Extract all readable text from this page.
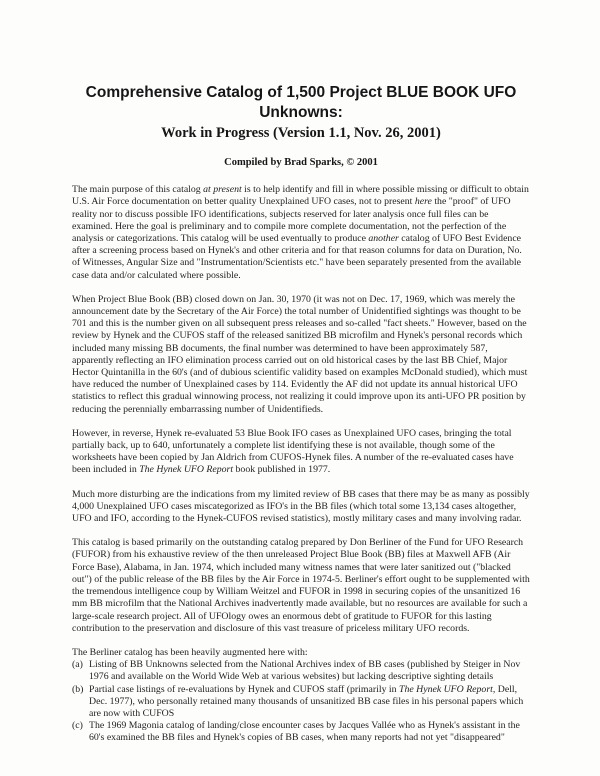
Comprehensive Catalog of 1,500 Project BLUE BOOK UFO Unknowns:
Work in Progress (Version 1.1, Nov. 26, 2001)
Compiled by Brad Sparks, © 2001

The main purpose of this catalog at present is to help identify and fill in where possible missing or difficult to obtain U.S. Air Force documentation on better quality Unexplained UFO cases, not to present here the "proof" of UFO reality nor to discuss possible IFO identifications, subjects reserved for later analysis once full files can be examined. Here the goal is preliminary and to compile more complete documentation, not the perfection of the analysis or categorizations. This catalog will be used eventually to produce another catalog of UFO Best Evidence after a screening process based on Hynek's and other criteria and for that reason columns for data on Duration, No. of Witnesses, Angular Size and "Instrumentation/Scientists etc." have been separately presented from the available case data and/or calculated where possible.

When Project Blue Book (BB) closed down on Jan. 30, 1970 (it was not on Dec. 17, 1969, which was merely the announcement date by the Secretary of the Air Force) the total number of Unidentified sightings was thought to be 701 and this is the number given on all subsequent press releases and so-called "fact sheets." However, based on the review by Hynek and the CUFOS staff of the released sanitized BB microfilm and Hynek's personal records which included many missing BB documents, the final number was determined to have been approximately 587, apparently reflecting an IFO elimination process carried out on old historical cases by the last BB Chief, Major Hector Quintanilla in the 60's (and of dubious scientific validity based on examples McDonald studied), which must have reduced the number of Unexplained cases by 114. Evidently the AF did not update its annual historical UFO statistics to reflect this gradual winnowing process, not realizing it could improve upon its anti-UFO PR position by reducing the perennially embarrassing number of Unidentifieds.

However, in reverse, Hynek re-evaluated 53 Blue Book IFO cases as Unexplained UFO cases, bringing the total partially back, up to 640, unfortunately a complete list identifying these is not available, though some of the worksheets have been copied by Jan Aldrich from CUFOS-Hynek files. A number of the re-evaluated cases have been included in The Hynek UFO Report book published in 1977.

Much more disturbing are the indications from my limited review of BB cases that there may be as many as possibly 4,000 Unexplained UFO cases miscategorized as IFO's in the BB files (which total some 13,134 cases altogether, UFO and IFO, according to the Hynek-CUFOS revised statistics), mostly military cases and many involving radar.

This catalog is based primarily on the outstanding catalog prepared by Don Berliner of the Fund for UFO Research (FUFOR) from his exhaustive review of the then unreleased Project Blue Book (BB) files at Maxwell AFB (Air Force Base), Alabama, in Jan. 1974, which included many witness names that were later sanitized out ("blacked out") of the public release of the BB files by the Air Force in 1974-5. Berliner's effort ought to be supplemented with the tremendous intelligence coup by William Weitzel and FUFOR in 1998 in securing copies of the unsanitized 16 mm BB microfilm that the National Archives inadvertently made available, but no resources are available for such a large-scale research project. All of UFOlogy owes an enormous debt of gratitude to FUFOR for this lasting contribution to the preservation and disclosure of this vast treasure of priceless military UFO records.

The Berliner catalog has been heavily augmented here with:
(a) Listing of BB Unknowns selected from the National Archives index of BB cases (published by Steiger in Nov 1976 and available on the World Wide Web at various websites) but lacking descriptive sighting details
(b) Partial case listings of re-evaluations by Hynek and CUFOS staff (primarily in The Hynek UFO Report, Dell, Dec. 1977), who personally retained many thousands of unsanitized BB case files in his personal papers which are now with CUFOS
(c) The 1969 Magonia catalog of landing/close encounter cases by Jacques Vallée who as Hynek's assistant in the 60's examined the BB files and Hynek's copies of BB cases, when many reports had not yet "disappeared"
